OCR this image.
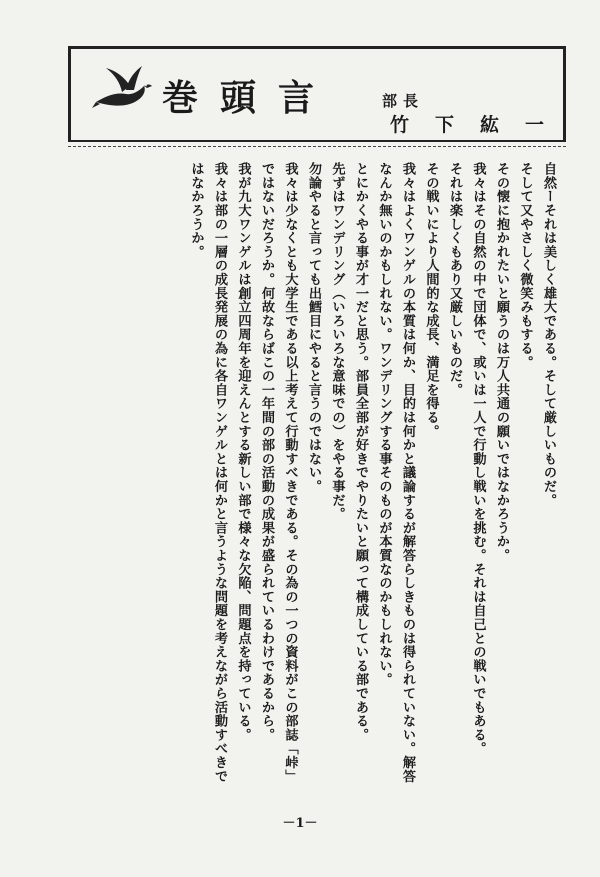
巻頭言	部長
竹下紘一

自然ーそれは美しく雄大である。そして厳しいものだ。

そして又やさしく微笑みもする。

その懐に抱かれたいと願うのは万人共通の願いではなかろうか。

我々はその自然の中で団体で、或いは一人で行動し戦いを挑む。それは自己との戦いでもある。

それは楽しくもあり又厳しいものだ。

その戦いにより人間的な成長、満足を得る。

我々はよくワンゲルの本質は何か、目的は何かと議論するが解答らしきものは得られていない。解答なんか無いのかもしれない。ワンデリングする事そのものが本質なのかもしれない。

とにかくやる事が才一だと思う。部員全部が好きでやりたいと願って構成している部である。

先ずはワンデリング（いろいろな意味での）をやる事だ。

勿論やると言っても出鱈目にやると言うのではない。

我々は少なくとも大学生である以上考えて行動すべきである。その為の一つの資料がこの部誌「峠」ではないだろうか。何故ならばこの一年間の部の活動の成果が盛られているわけであるから。

我が九大ワンゲルは創立四周年を迎えんとする新しい部で様々な欠陥、問題点を持っている。

我々は部の一層の成長発展の為に各自ワンゲルとは何かと言うような問題を考えながら活動すべきではなかろうか。

－1－
